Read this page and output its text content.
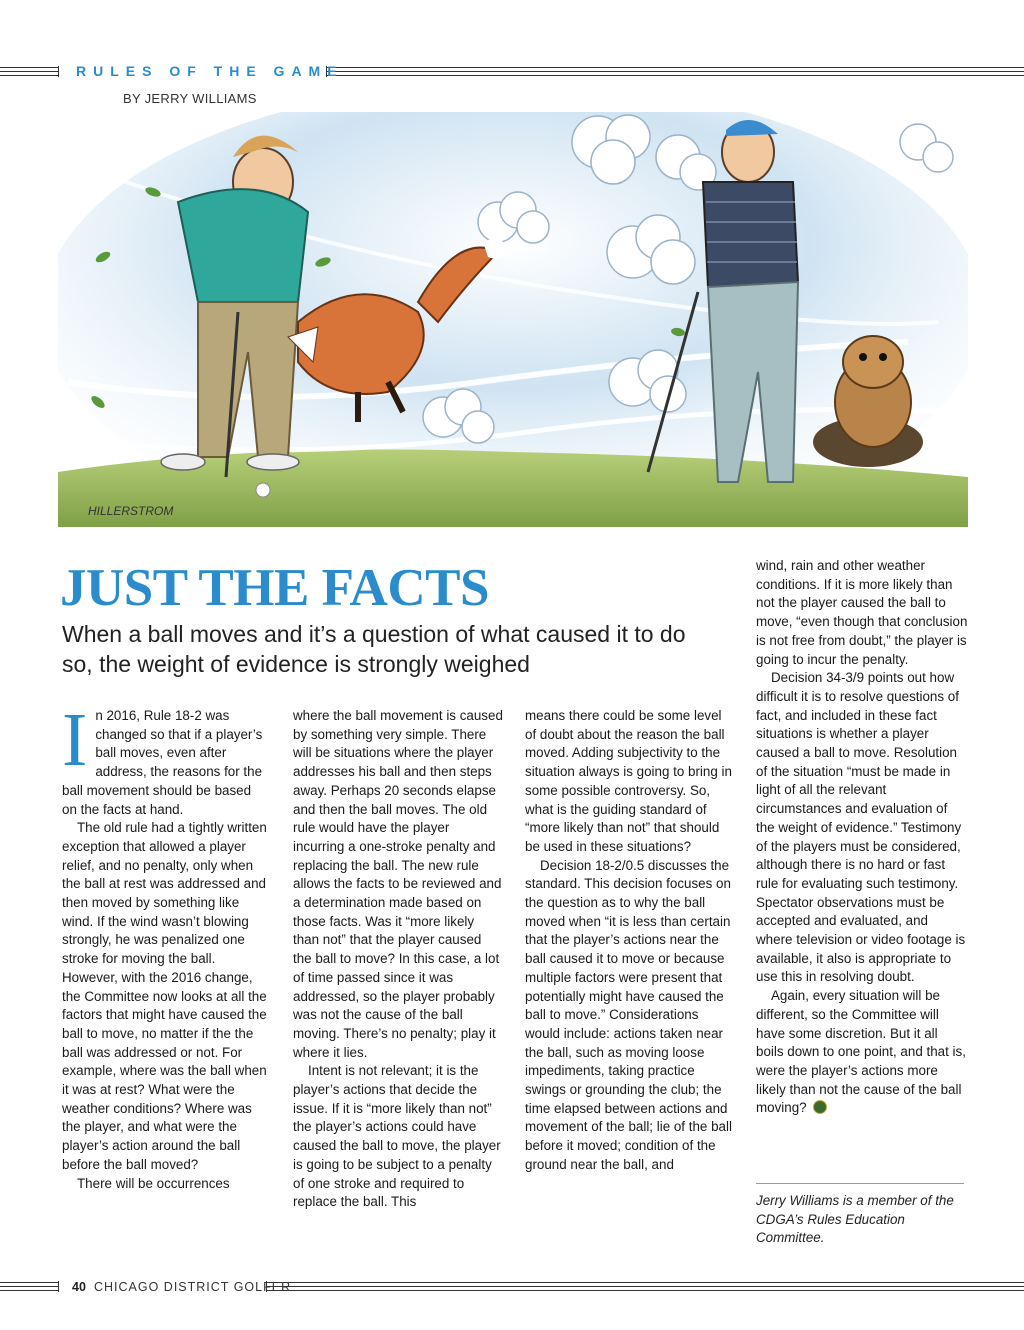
RULES OF THE GAME
BY JERRY WILLIAMS
HILLERSTROM
JUST THE FACTS
When a ball moves and it’s a question of what caused it to do so, the weight of evidence is strongly weighed
I n 2016, Rule 18-2 was changed so that if a player’s ball moves, even after address, the reasons for the ball movement should be based on the facts at hand.

The old rule had a tightly written exception that allowed a player relief, and no penalty, only when the ball at rest was addressed and then moved by something like wind. If the wind wasn’t blowing strongly, he was penalized one stroke for moving the ball. However, with the 2016 change, the Committee now looks at all the factors that might have caused the ball to move, no matter if the the ball was addressed or not. For example, where was the ball when it was at rest? What were the weather conditions? Where was the player, and what were the player’s action around the ball before the ball moved?

There will be occurrences

where the ball movement is caused by something very simple. There will be situations where the player addresses his ball and then steps away. Perhaps 20 seconds elapse and then the ball moves. The old rule would have the player incurring a one-stroke penalty and replacing the ball. The new rule allows the facts to be reviewed and a determination made based on those facts. Was it “more likely than not” that the player caused the ball to move? In this case, a lot of time passed since it was addressed, so the player probably was not the cause of the ball moving. There’s no penalty; play it where it lies.

Intent is not relevant; it is the player’s actions that decide the issue. If it is “more likely than not” the player’s actions could have caused the ball to move, the player is going to be subject to a penalty of one stroke and required to replace the ball. This

means there could be some level of doubt about the reason the ball moved. Adding subjectivity to the situation always is going to bring in some possible controversy. So, what is the guiding standard of “more likely than not” that should be used in these situations?

Decision 18-2/0.5 discusses the standard. This decision focuses on the question as to why the ball moved when “it is less than certain that the player’s actions near the ball caused it to move or because multiple factors were present that potentially might have caused the ball to move.” Considerations would include: actions taken near the ball, such as moving loose impediments, taking practice swings or grounding the club; the time elapsed between actions and movement of the ball; lie of the ball before it moved; condition of the ground near the ball, and

wind, rain and other weather conditions. If it is more likely than not the player caused the ball to move, “even though that conclusion is not free from doubt,” the player is going to incur the penalty.

Decision 34-3/9 points out how difficult it is to resolve questions of fact, and included in these fact situations is whether a player caused a ball to move. Resolution of the situation “must be made in light of all the relevant circumstances and evaluation of the weight of evidence.” Testimony of the players must be considered, although there is no hard or fast rule for evaluating such testimony. Spectator observations must be accepted and evaluated, and where television or video footage is available, it also is appropriate to use this in resolving doubt.

Again, every situation will be different, so the Committee will have some discretion. But it all boils down to one point, and that is, were the player’s actions more likely than not the cause of the ball moving?

Jerry Williams is a member of the CDGA’s Rules Education Committee.
40 CHICAGO DISTRICT GOLFER
